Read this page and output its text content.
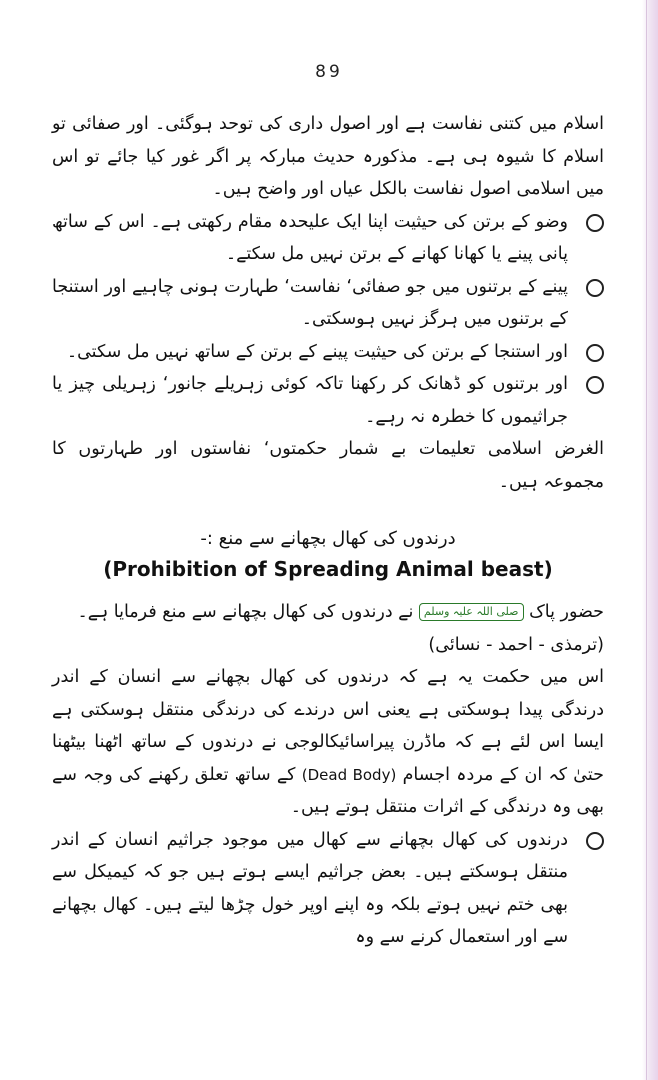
89

اسلام میں کتنی نفاست ہے اور اصول داری کی توحد ہوگئی۔ اور صفائی تو اسلام کا شیوہ ہی ہے۔ مذکورہ حدیث مبارکہ پر اگر غور کیا جائے تو اس میں اسلامی اصول نفاست بالکل عیاں اور واضح ہیں۔

وضو کے برتن کی حیثیت اپنا ایک علیحدہ مقام رکھتی ہے۔ اس کے ساتھ پانی پینے یا کھانا کھانے کے برتن نہیں مل سکتے۔

پینے کے برتنوں میں جو صفائی‘ نفاست‘ طہارت ہونی چاہیے اور استنجا کے برتنوں میں ہرگز نہیں ہوسکتی۔

اور استنجا کے برتن کی حیثیت پینے کے برتن کے ساتھ نہیں مل سکتی۔

اور برتنوں کو ڈھانک کر رکھنا تاکہ کوئی زہریلے جانور‘ زہریلی چیز یا جراثیموں کا خطرہ نہ رہے۔

الغرض اسلامی تعلیمات بے شمار حکمتوں‘ نفاستوں اور طہارتوں کا مجموعہ ہیں۔

درندوں کی کھال بچھانے سے منع :-
(Prohibition of Spreading Animal beast)

حضور پاک صلی اللہ علیہ وسلم نے درندوں کی کھال بچھانے سے منع فرمایا ہے۔

(ترمذی - احمد - نسائی)

اس میں حکمت یہ ہے کہ درندوں کی کھال بچھانے سے انسان کے اندر درندگی پیدا ہوسکتی ہے یعنی اس درندے کی درندگی منتقل ہوسکتی ہے ایسا اس لئے ہے کہ ماڈرن پیراسائیکالوجی نے درندوں کے ساتھ اٹھنا بیٹھنا حتیٰ کہ ان کے مردہ اجسام (Dead Body) کے ساتھ تعلق رکھنے کی وجہ سے بھی وہ درندگی کے اثرات منتقل ہوتے ہیں۔

درندوں کی کھال بچھانے سے کھال میں موجود جراثیم انسان کے اندر منتقل ہوسکتے ہیں۔ بعض جراثیم ایسے ہوتے ہیں جو کہ کیمیکل سے بھی ختم نہیں ہوتے بلکہ وہ اپنے اوپر خول چڑھا لیتے ہیں۔ کھال بچھانے سے اور استعمال کرنے سے وہ
